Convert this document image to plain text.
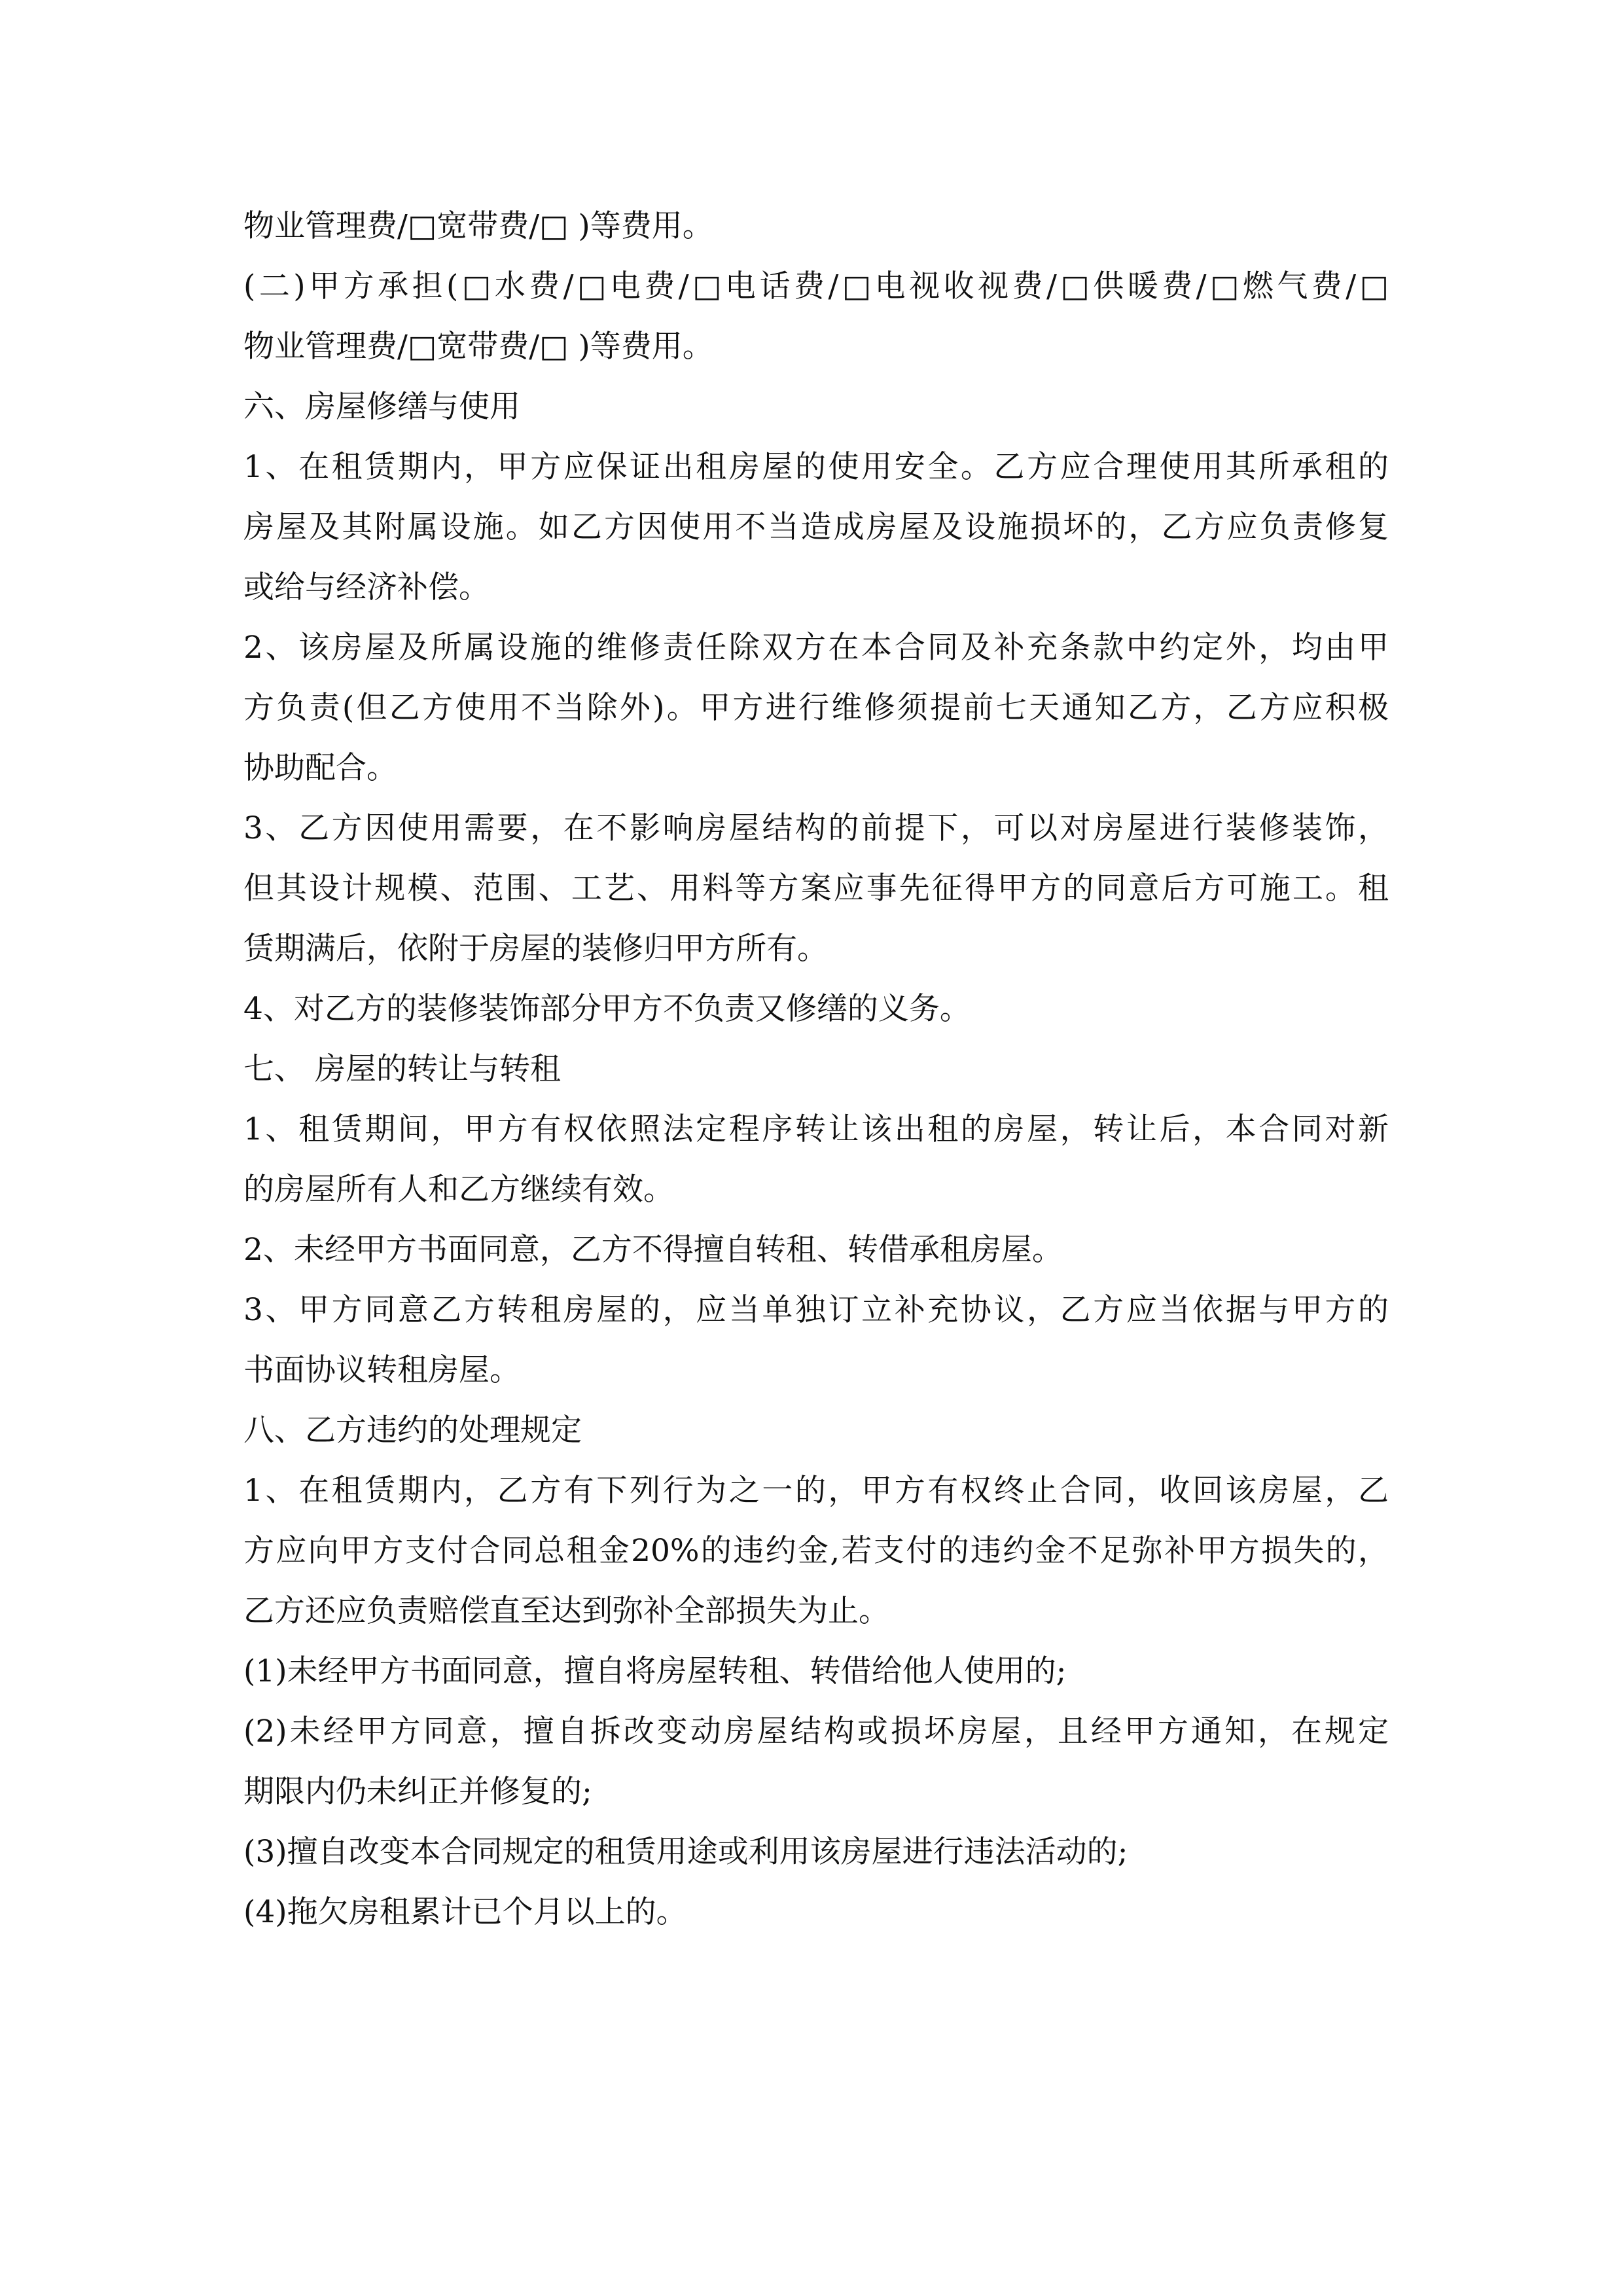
物业管理费/□宽带费/□ )等费用。
(二)甲方承担(□水费/□电费/□电话费/□电视收视费/□供暖费/□燃气费/□
物业管理费/□宽带费/□ )等费用。
六、房屋修缮与使用
1、在租赁期内，甲方应保证出租房屋的使用安全。乙方应合理使用其所承租的
房屋及其附属设施。如乙方因使用不当造成房屋及设施损坏的，乙方应负责修复
或给与经济补偿。
2、该房屋及所属设施的维修责任除双方在本合同及补充条款中约定外，均由甲
方负责(但乙方使用不当除外)。甲方进行维修须提前七天通知乙方，乙方应积极
协助配合。
3、乙方因使用需要，在不影响房屋结构的前提下，可以对房屋进行装修装饰，
但其设计规模、范围、工艺、用料等方案应事先征得甲方的同意后方可施工。租
赁期满后，依附于房屋的装修归甲方所有。
4、对乙方的装修装饰部分甲方不负责又修缮的义务。
七、 房屋的转让与转租
1、租赁期间，甲方有权依照法定程序转让该出租的房屋，转让后，本合同对新
的房屋所有人和乙方继续有效。
2、未经甲方书面同意，乙方不得擅自转租、转借承租房屋。
3、甲方同意乙方转租房屋的，应当单独订立补充协议，乙方应当依据与甲方的
书面协议转租房屋。
八、乙方违约的处理规定
1、在租赁期内，乙方有下列行为之一的，甲方有权终止合同，收回该房屋，乙
方应向甲方支付合同总租金20%的违约金,若支付的违约金不足弥补甲方损失的，
乙方还应负责赔偿直至达到弥补全部损失为止。
(1)未经甲方书面同意，擅自将房屋转租、转借给他人使用的;
(2)未经甲方同意，擅自拆改变动房屋结构或损坏房屋，且经甲方通知，在规定
期限内仍未纠正并修复的;
(3)擅自改变本合同规定的租赁用途或利用该房屋进行违法活动的;
(4)拖欠房租累计已个月以上的。
